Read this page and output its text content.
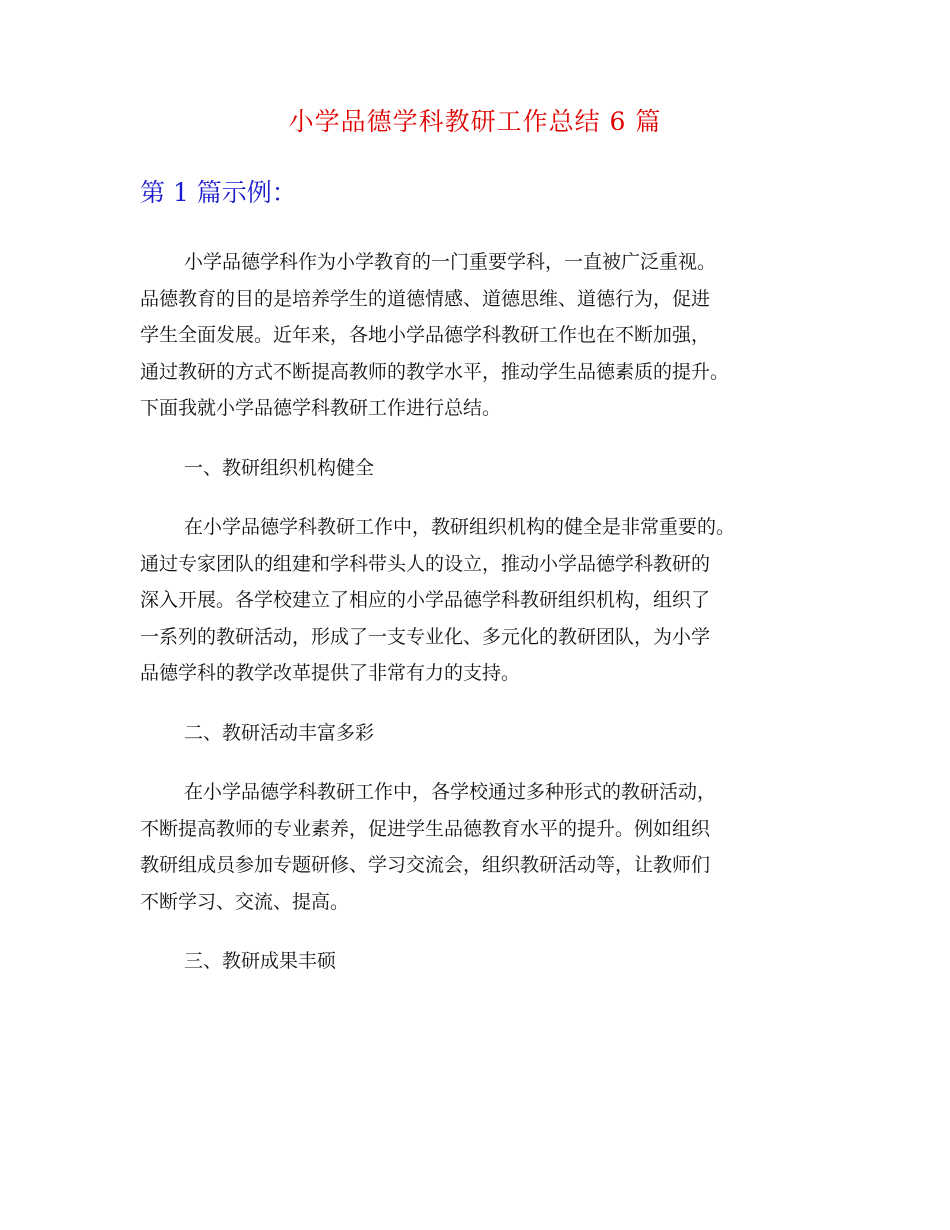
小学品德学科教研工作总结 6 篇
第 1 篇示例：

小学品德学科作为小学教育的一门重要学科，一直被广泛重视。
品德教育的目的是培养学生的道德情感、道德思维、道德行为，促进
学生全面发展。近年来，各地小学品德学科教研工作也在不断加强，
通过教研的方式不断提高教师的教学水平，推动学生品德素质的提升。
下面我就小学品德学科教研工作进行总结。

一、教研组织机构健全

在小学品德学科教研工作中，教研组织机构的健全是非常重要的。
通过专家团队的组建和学科带头人的设立，推动小学品德学科教研的
深入开展。各学校建立了相应的小学品德学科教研组织机构，组织了
一系列的教研活动，形成了一支专业化、多元化的教研团队，为小学
品德学科的教学改革提供了非常有力的支持。

二、教研活动丰富多彩

在小学品德学科教研工作中，各学校通过多种形式的教研活动，
不断提高教师的专业素养，促进学生品德教育水平的提升。例如组织
教研组成员参加专题研修、学习交流会，组织教研活动等，让教师们
不断学习、交流、提高。

三、教研成果丰硕
